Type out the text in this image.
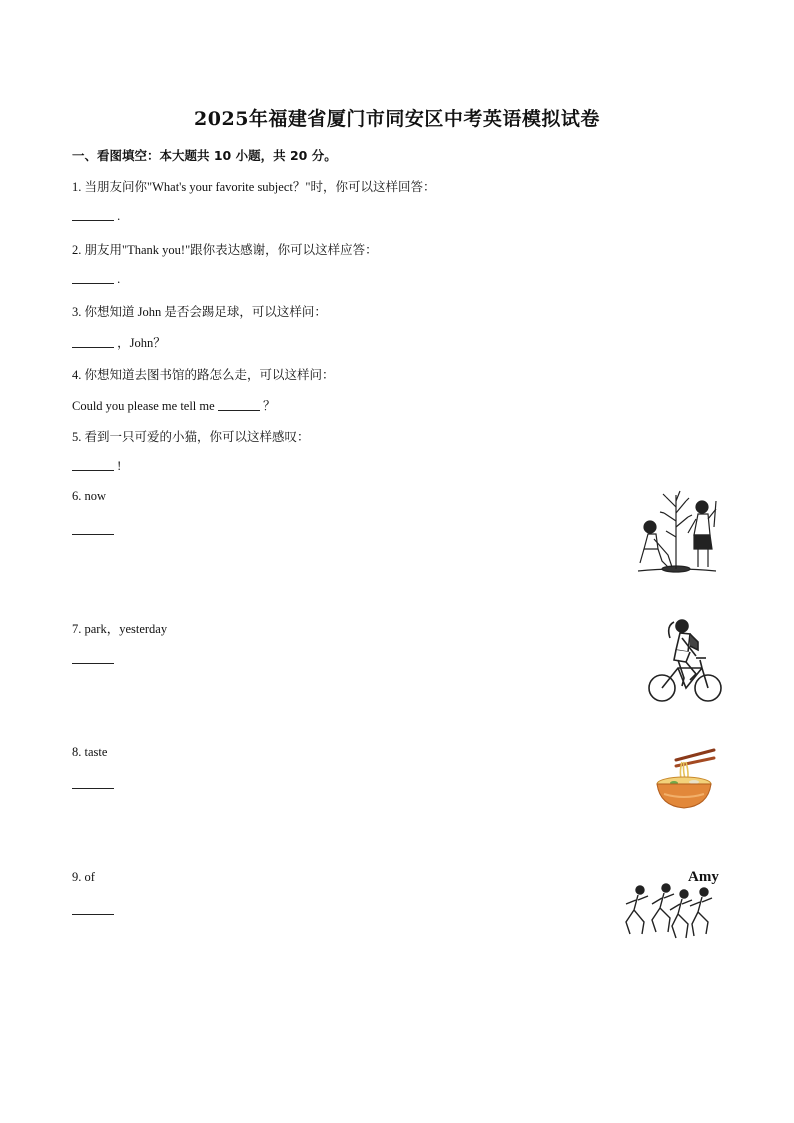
2025年福建省厦门市同安区中考英语模拟试卷
一、看图填空：本大题共 10 小题，共 20 分。
1. 当朋友问你"What's your favorite subject？"时，你可以这样回答：
.
2. 朋友用"Thank you!"跟你表达感谢，你可以这样应答：
.
3. 你想知道 John 是否会踢足球，可以这样问：
，John？
4. 你想知道去图书馆的路怎么走，可以这样问：
Could you please me tell me	？
5. 看到一只可爱的小猫，你可以这样感叹：
!
6. now
7. park，yesterday
8. taste
9. of	Amy
